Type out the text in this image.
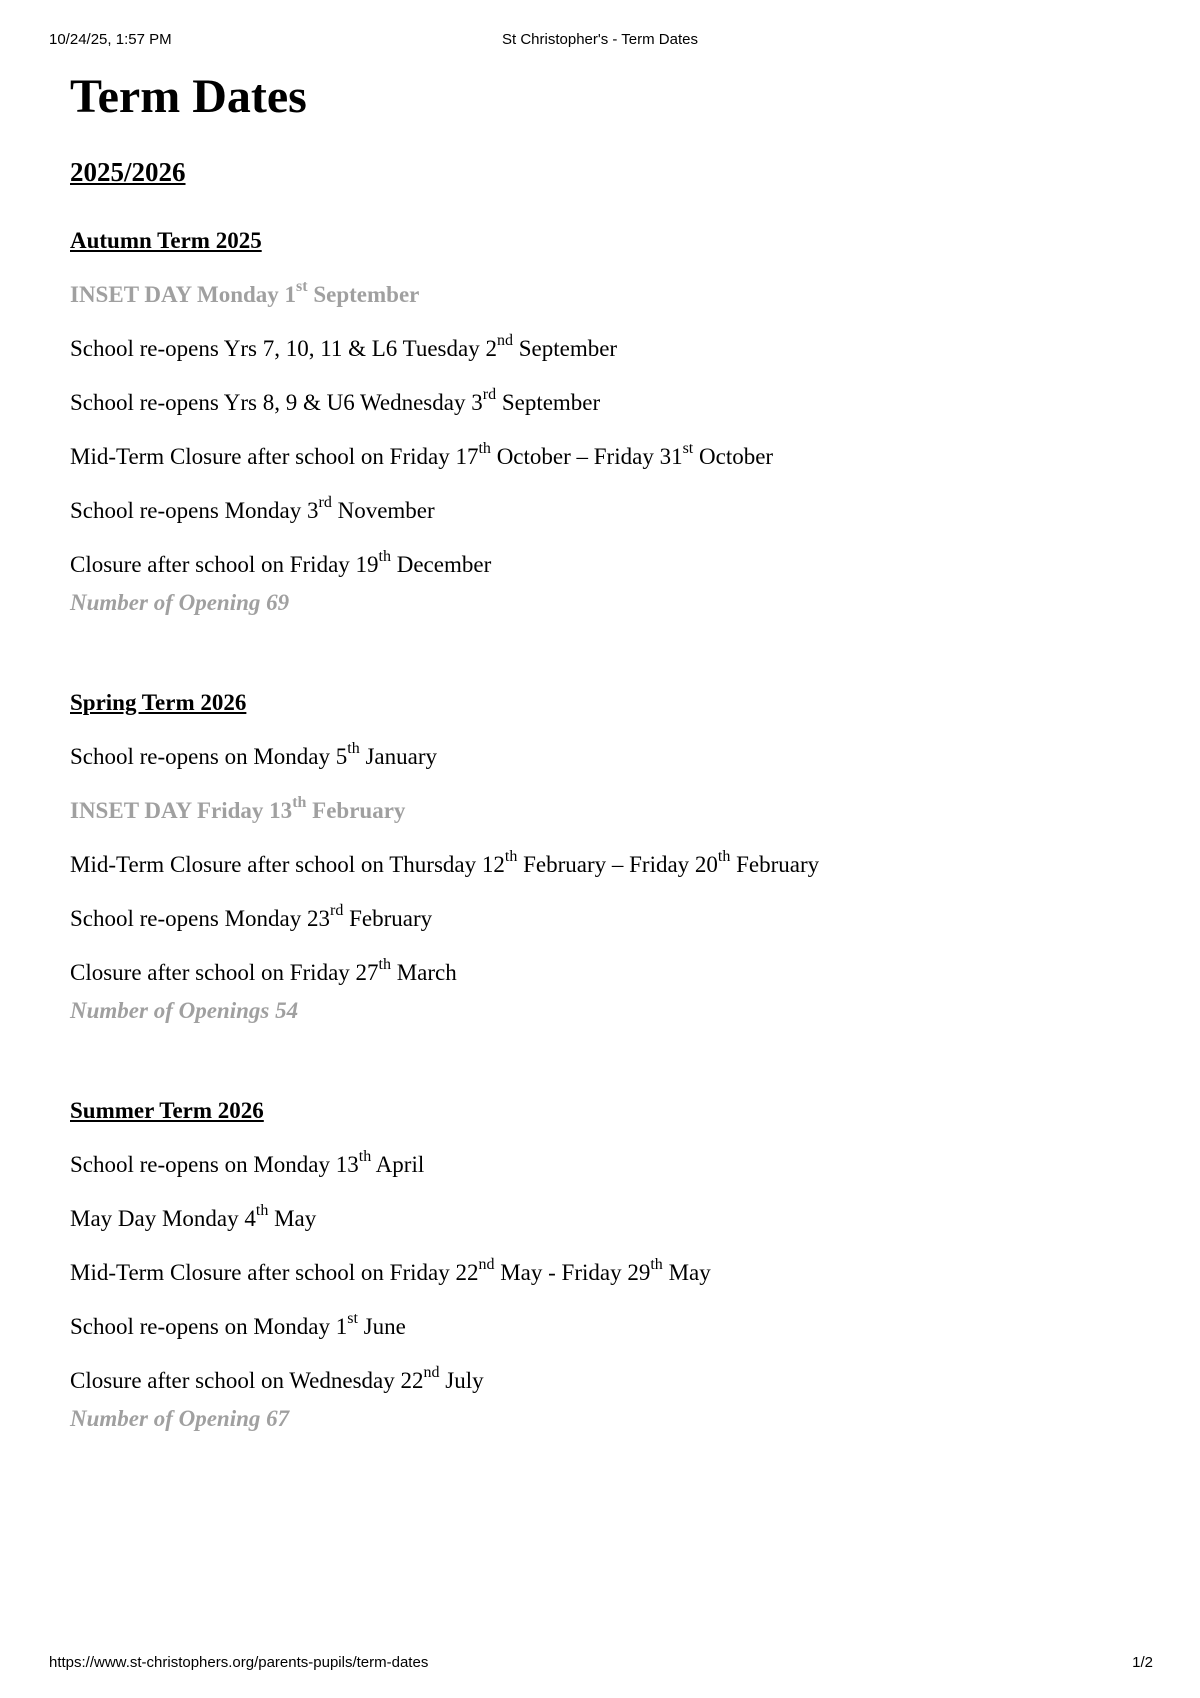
10/24/25, 1:57 PM	St Christopher's - Term Dates
Term Dates
2025/2026
Autumn Term 2025

INSET DAY Monday 1st September

School re-opens Yrs 7, 10, 11 & L6 Tuesday 2nd September

School re-opens Yrs 8, 9 & U6 Wednesday 3rd September

Mid-Term Closure after school on Friday 17th October – Friday 31st October

School re-opens Monday 3rd November

Closure after school on Friday 19th December

Number of Opening 69

Spring Term 2026

School re-opens on Monday 5th January

INSET DAY Friday 13th February

Mid-Term Closure after school on Thursday 12th February – Friday 20th February

School re-opens Monday 23rd February

Closure after school on Friday 27th March

Number of Openings 54

Summer Term 2026

School re-opens on Monday 13th April

May Day Monday 4th May

Mid-Term Closure after school on Friday 22nd May - Friday 29th May

School re-opens on Monday 1st June

Closure after school on Wednesday 22nd July

Number of Opening 67

https://www.st-christophers.org/parents-pupils/term-dates	1/2
